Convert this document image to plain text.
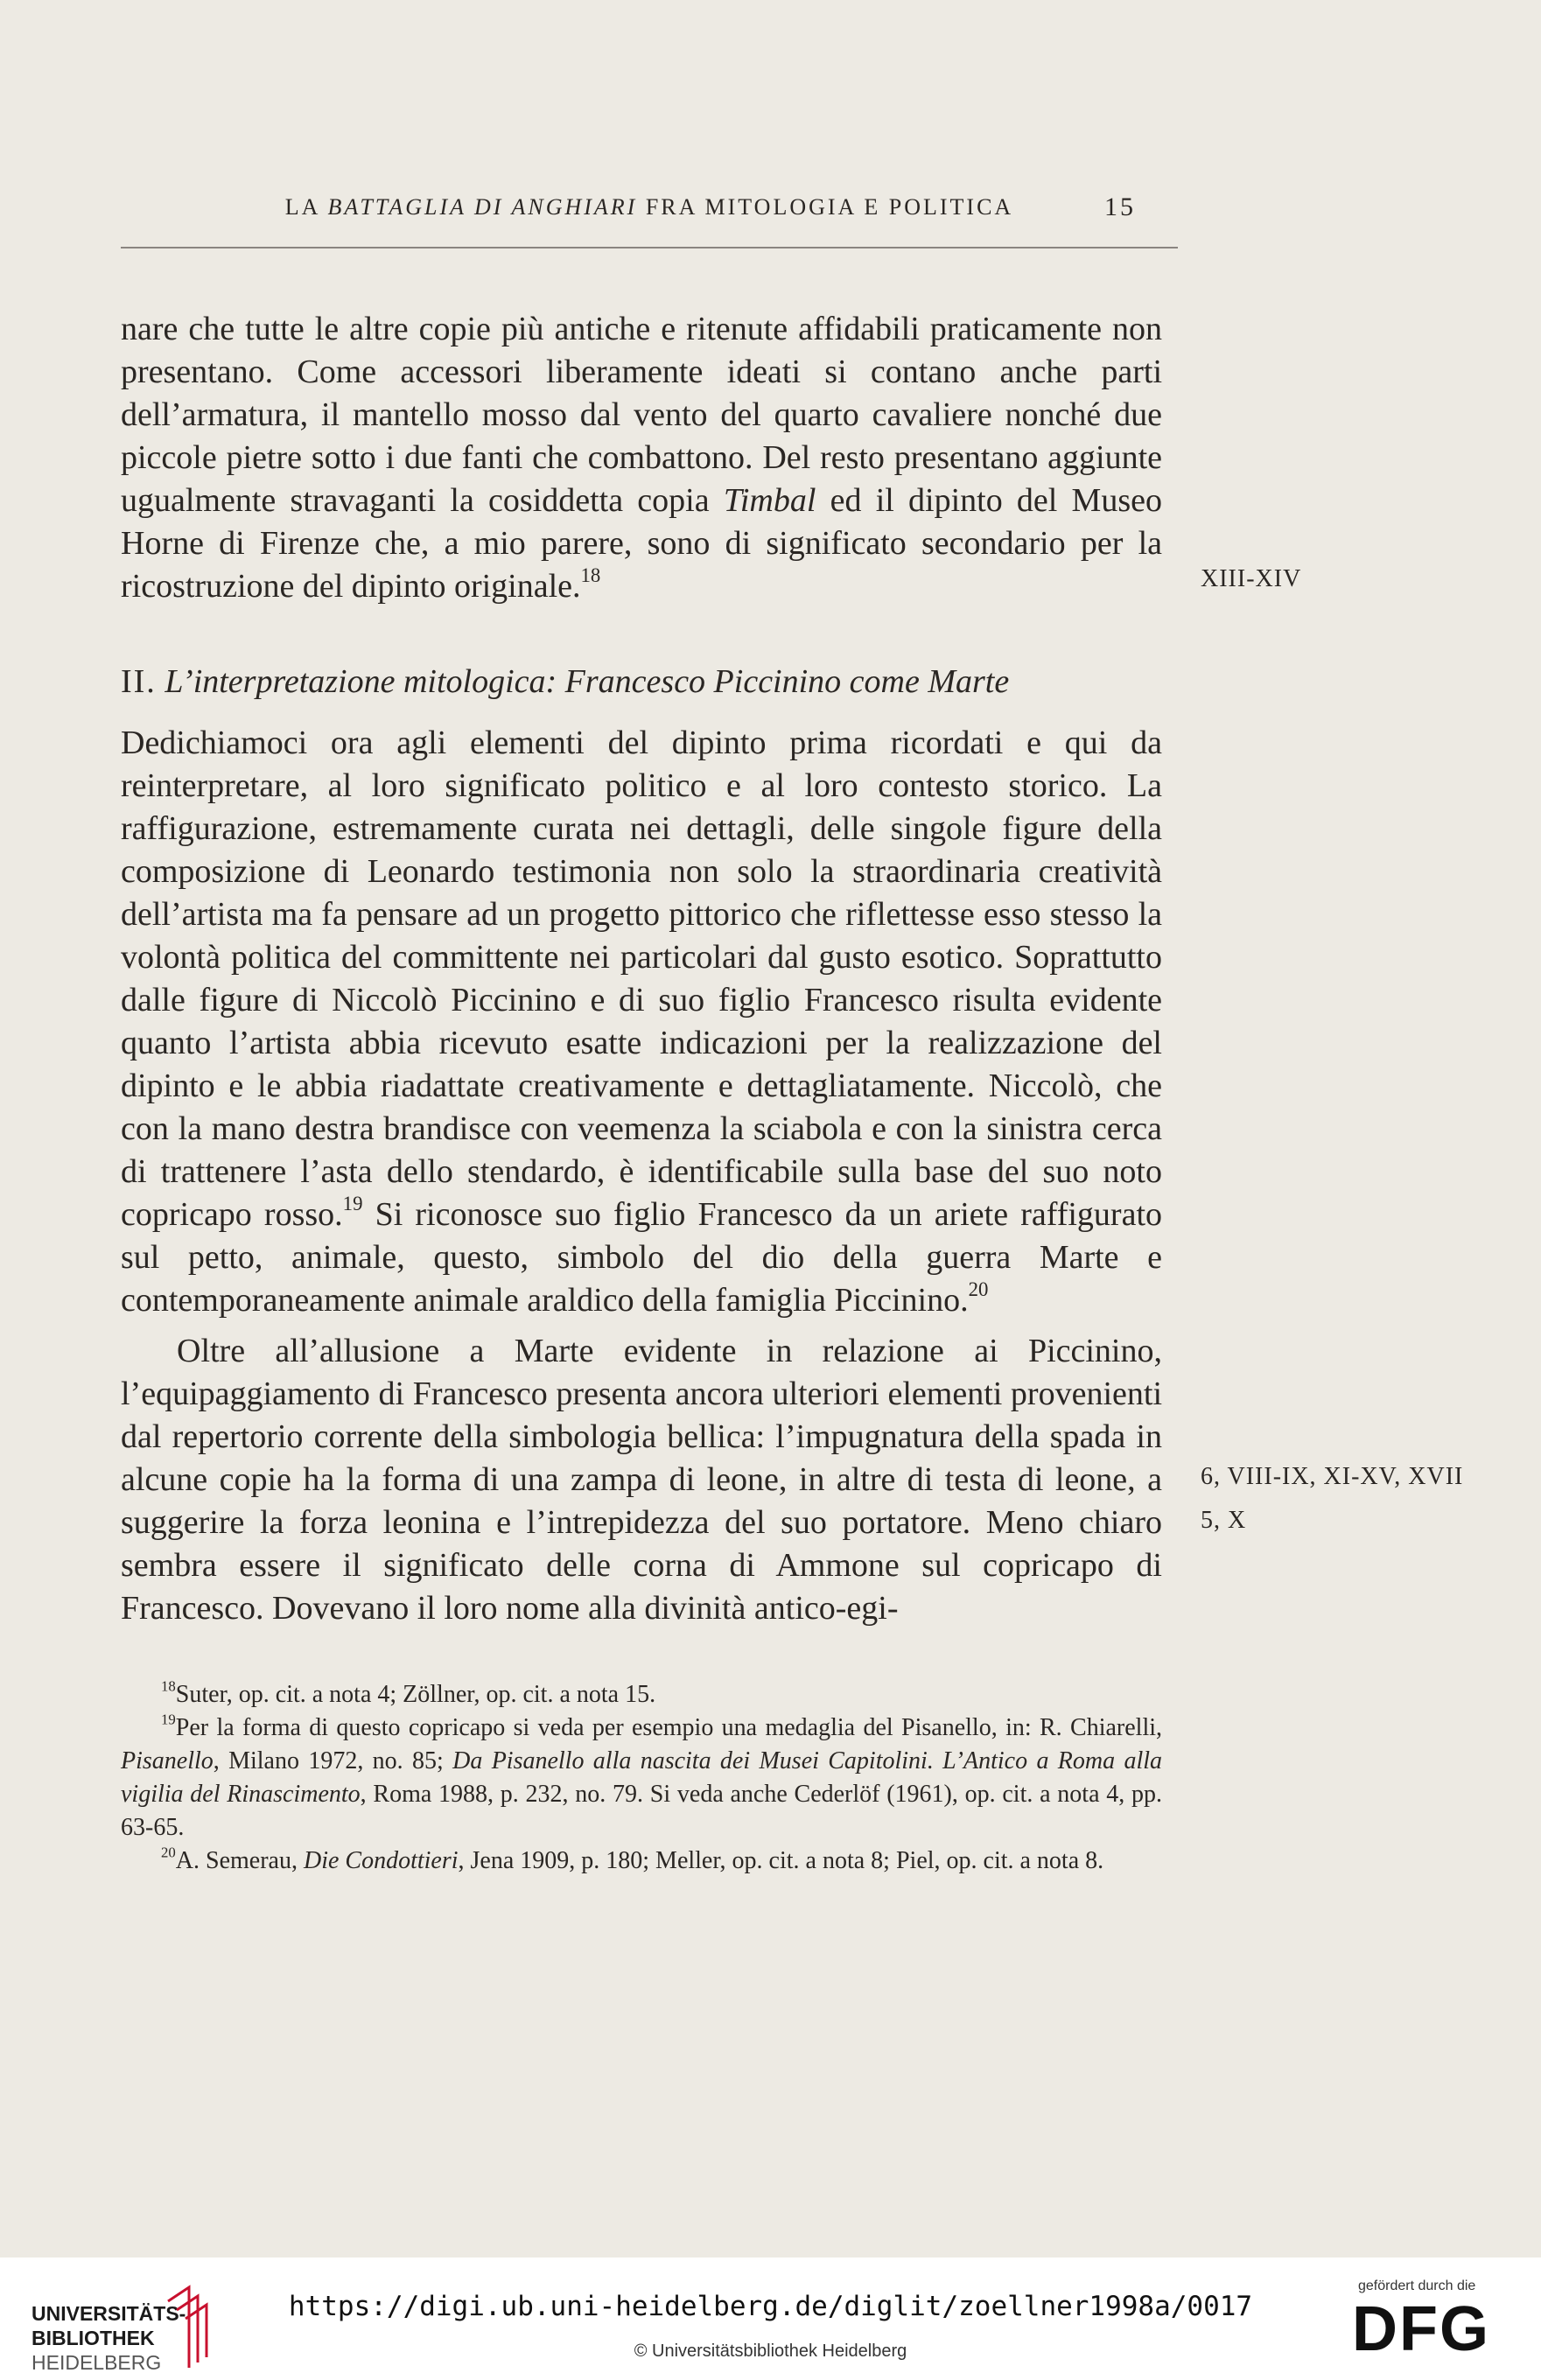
LA BATTAGLIA DI ANGHIARI FRA MITOLOGIA E POLITICA	15
nare che tutte le altre copie più antiche e ritenute affidabili praticamente non presentano. Come accessori liberamente ideati si contano anche parti dell’armatura, il mantello mosso dal vento del quarto cavaliere nonché due piccole pietre sotto i due fanti che combattono. Del resto presentano aggiunte ugualmente stravaganti la cosiddetta copia Timbal ed il dipinto del Museo Horne di Firenze che, a mio parere, sono di significato secondario per la ricostruzione del dipinto originale.$^{18}$
II. L’interpretazione mitologica: Francesco Piccinino come Marte
Dedichiamoci ora agli elementi del dipinto prima ricordati e qui da reinterpretare, al loro significato politico e al loro contesto storico. La raffigurazione, estremamente curata nei dettagli, delle singole figure della composizione di Leonardo testimonia non solo la straordinaria creatività dell’artista ma fa pensare ad un progetto pittorico che riflettesse esso stesso la volontà politica del committente nei particolari dal gusto esotico. Soprattutto dalle figure di Niccolò Piccinino e di suo figlio Francesco risulta evidente quanto l’artista abbia ricevuto esatte indicazioni per la realizzazione del dipinto e le abbia riadattate creativamente e dettagliatamente. Niccolò, che con la mano destra brandisce con veemenza la sciabola e con la sinistra cerca di trattenere l’asta dello stendardo, è identificabile sulla base del suo noto copricapo rosso.$^{19}$ Si riconosce suo figlio Francesco da un ariete raffigurato sul petto, animale, questo, simbolo del dio della guerra Marte e contemporaneamente animale araldico della famiglia Piccinino.$^{20}$
Oltre all’allusione a Marte evidente in relazione ai Piccinino, l’equipaggiamento di Francesco presenta ancora ulteriori elementi provenienti dal repertorio corrente della simbologia bellica: l’impugnatura della spada in alcune copie ha la forma di una zampa di leone, in altre di testa di leone, a suggerire la forza leonina e l’intrepidezza del suo portatore. Meno chiaro sembra essere il significato delle corna di Ammone sul copricapo di Francesco. Dovevano il loro nome alla divinità antico-egi-
XIII-XIV
6, VIII-IX, XI-XV, XVII
5, X

$^{18}$Suter, op. cit. a nota 4; Zöllner, op. cit. a nota 15.

$^{19}$Per la forma di questo copricapo si veda per esempio una medaglia del Pisanello, in: R. Chiarelli, Pisanello, Milano 1972, no. 85; Da Pisanello alla nascita dei Musei Capitolini. L’Antico a Roma alla vigilia del Rinascimento, Roma 1988, p. 232, no. 79. Si veda anche Cederlöf (1961), op. cit. a nota 4, pp. 63-65.

$^{20}$A. Semerau, Die Condottieri, Jena 1909, p. 180; Meller, op. cit. a nota 8; Piel, op. cit. a nota 8.

UNIVERSITÄTS-
BIBLIOTHEK
HEIDELBERG
https://digi.ub.uni-heidelberg.de/diglit/zoellner1998a/0017
© Universitätsbibliothek Heidelberg
gefördert durch die
DFG
